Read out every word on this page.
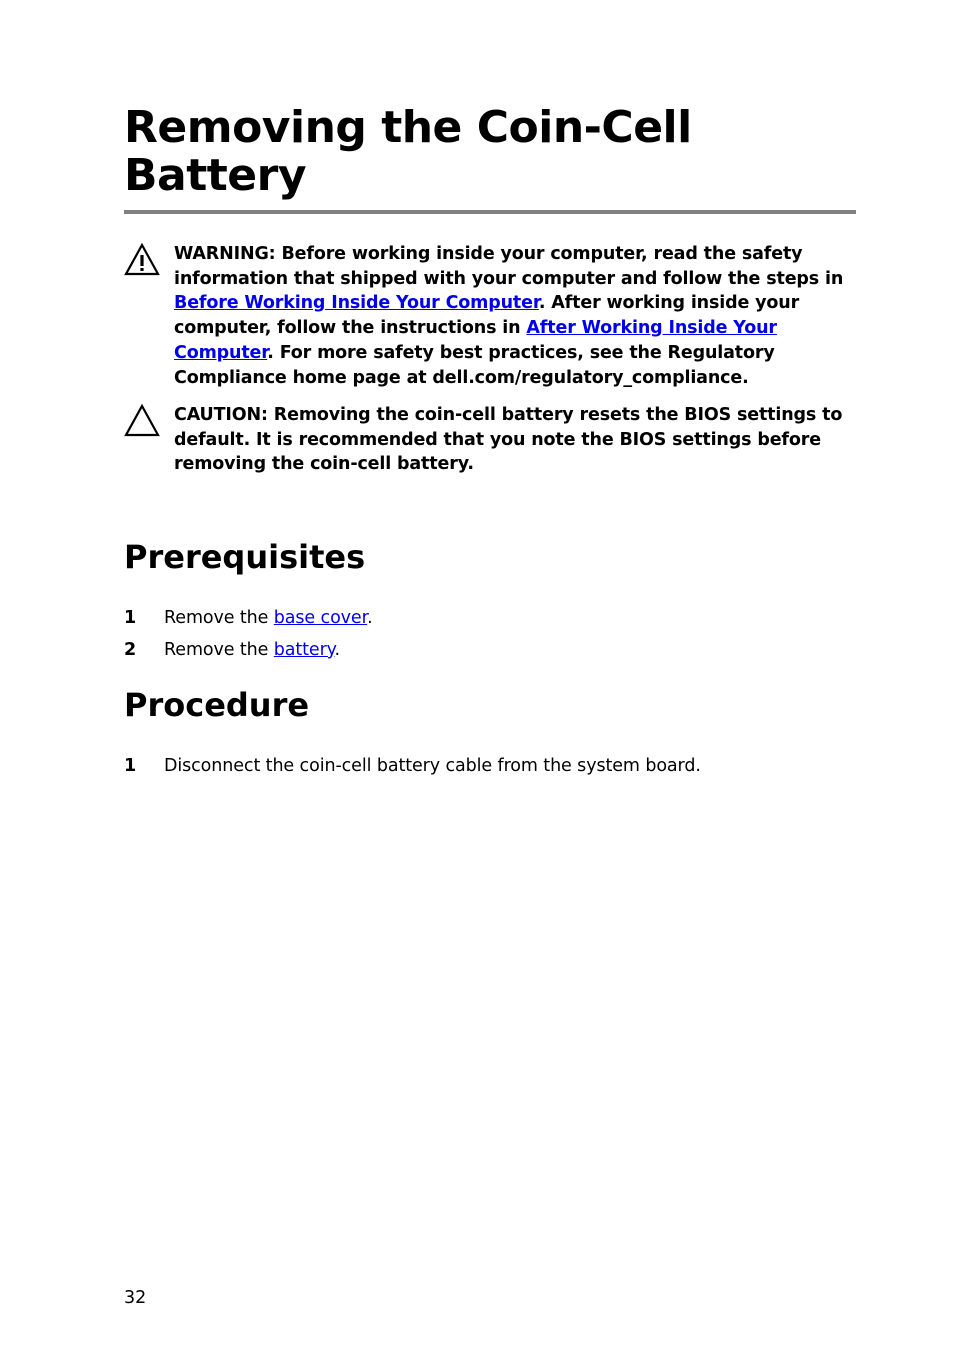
Removing the Coin-Cell
Battery

WARNING: Before working inside your computer, read the safety information that shipped with your computer and follow the steps in Before Working Inside Your Computer. After working inside your computer, follow the instructions in After Working Inside Your Computer. For more safety best practices, see the Regulatory Compliance home page at dell.com/regulatory_compliance.

CAUTION: Removing the coin-cell battery resets the BIOS settings to default. It is recommended that you note the BIOS settings before removing the coin-cell battery.

Prerequisites
1 Remove the base cover.
2 Remove the battery.
Procedure
1 Disconnect the coin-cell battery cable from the system board.
32
